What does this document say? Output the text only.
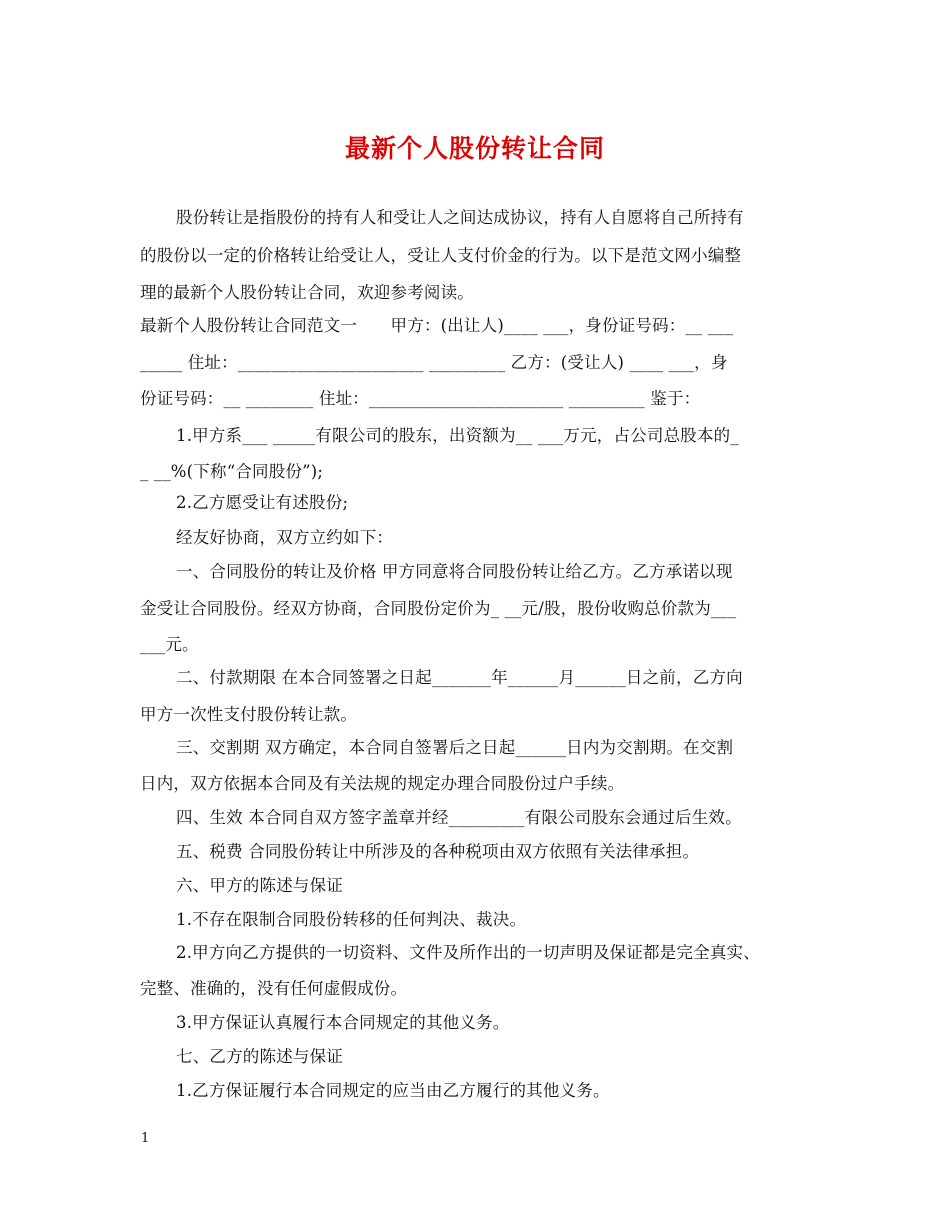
最新个人股份转让合同
股份转让是指股份的持有人和受让人之间达成协议，持有人自愿将自己所持有
的股份以一定的价格转让给受让人，受让人支付价金的行为。以下是范文网小编整
理的最新个人股份转让合同，欢迎参考阅读。
最新个人股份转让合同范文一　　甲方：(出让人)____ ___，身份证号码：__ ___
_____ 住址：______________________ _________ 乙方：(受让人) ____ ___，身
份证号码：__ ________ 住址：_______________________ _________ 鉴于：
1.甲方系___ _____有限公司的股东，出资额为__ ___万元，占公司总股本的_
_ __%(下称“合同股份”);
2.乙方愿受让有述股份;
经友好协商，双方立约如下：
一、合同股份的转让及价格 甲方同意将合同股份转让给乙方。乙方承诺以现
金受让合同股份。经双方协商，合同股份定价为_ __元/股，股份收购总价款为___
___元。
二、付款期限 在本合同签署之日起_______年______月______日之前，乙方向
甲方一次性支付股份转让款。
三、交割期 双方确定，本合同自签署后之日起______日内为交割期。在交割
日内，双方依据本合同及有关法规的规定办理合同股份过户手续。
四、生效 本合同自双方签字盖章并经_________有限公司股东会通过后生效。
五、税费 合同股份转让中所涉及的各种税项由双方依照有关法律承担。
六、甲方的陈述与保证
1.不存在限制合同股份转移的任何判决、裁决。
2.甲方向乙方提供的一切资料、文件及所作出的一切声明及保证都是完全真实、
完整、准确的，没有任何虚假成份。
3.甲方保证认真履行本合同规定的其他义务。
七、乙方的陈述与保证
1.乙方保证履行本合同规定的应当由乙方履行的其他义务。
1
